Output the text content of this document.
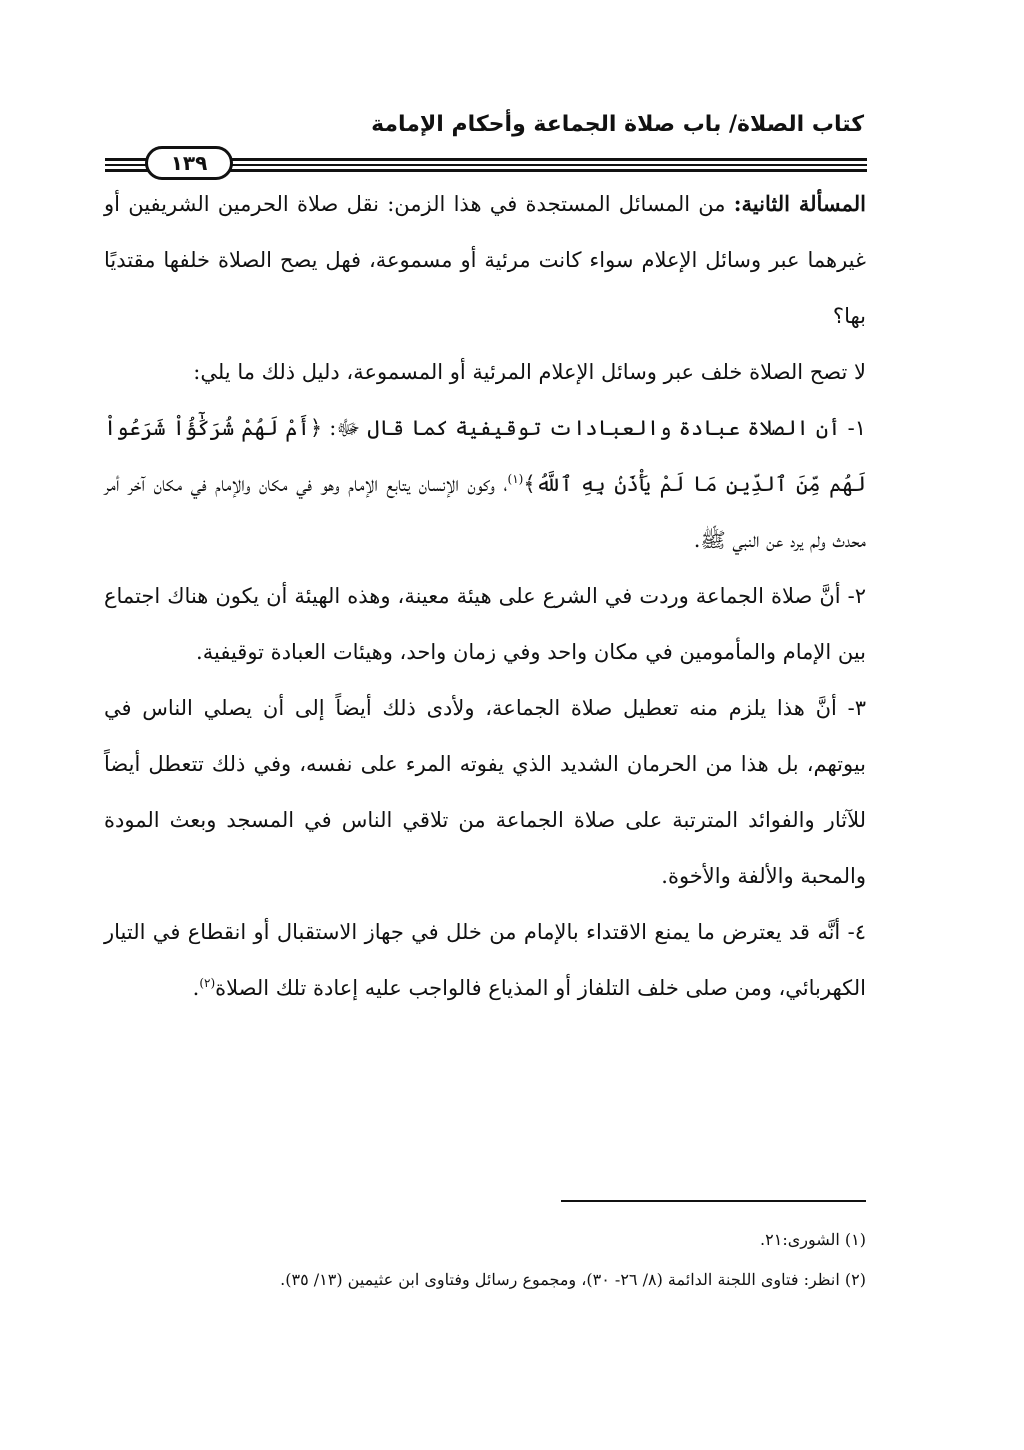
كتاب الصلاة/ باب صلاة الجماعة وأحكام الإمامة
١٣٩

المسألة الثانية: من المسائل المستجدة في هذا الزمن: نقل صلاة الحرمين الشريفين أو غيرهما عبر وسائل الإعلام سواء كانت مرئية أو مسموعة، فهل يصح الصلاة خلفها مقتديًا بها؟

لا تصح الصلاة خلف عبر وسائل الإعلام المرئية أو المسموعة، دليل ذلك ما يلي:

١- أن الصلاة عبادة والعبادات توقيفية كما قال ﷻ: ﴿أَمْ لَهُمْ شُرَكَٰٓؤُاْ شَرَعُواْ لَهُم مِّنَ ٱلدِّينِ مَا لَمْ يَأْذَنۢ بِهِ ٱللَّهُ﴾$^{(١)}$، وكون الإنسان يتابع الإمام وهو في مكان والإمام في مكان آخر أمر محدث ولم يرد عن النبي ﷺ.

٢- أنَّ صلاة الجماعة وردت في الشرع على هيئة معينة، وهذه الهيئة أن يكون هناك اجتماع بين الإمام والمأمومين في مكان واحد وفي زمان واحد، وهيئات العبادة توقيفية.

٣- أنَّ هذا يلزم منه تعطيل صلاة الجماعة، ولأدى ذلك أيضاً إلى أن يصلي الناس في بيوتهم، بل هذا من الحرمان الشديد الذي يفوته المرء على نفسه، وفي ذلك تتعطل أيضاً للآثار والفوائد المترتبة على صلاة الجماعة من تلاقي الناس في المسجد وبعث المودة والمحبة والألفة والأخوة.

٤- أنَّه قد يعترض ما يمنع الاقتداء بالإمام من خلل في جهاز الاستقبال أو انقطاع في التيار الكهربائي، ومن صلى خلف التلفاز أو المذياع فالواجب عليه إعادة تلك الصلاة$^{(٢)}$.

(١) الشورى:٢١.

(٢) انظر: فتاوى اللجنة الدائمة (٨/ ٢٦- ٣٠)، ومجموع رسائل وفتاوى ابن عثيمين (١٣/ ٣٥).
